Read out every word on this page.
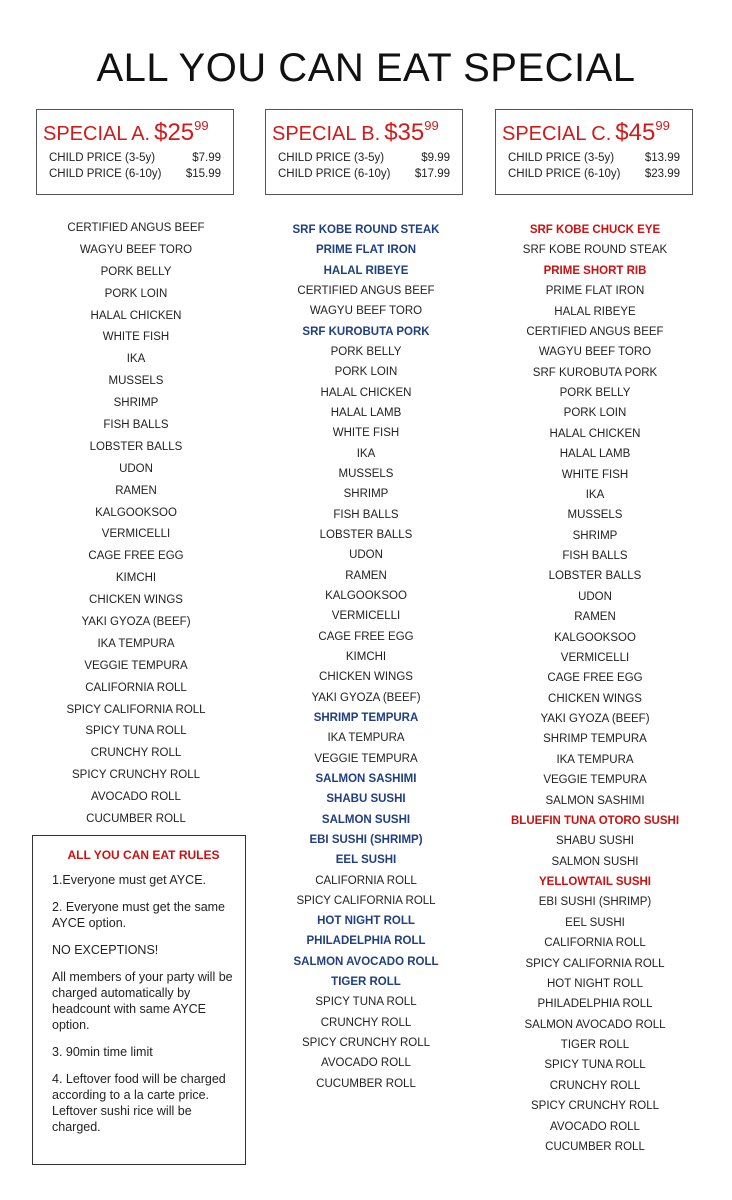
ALL YOU CAN EAT SPECIAL
SPECIAL A. $\$25^{99}$
CHILD PRICE (3-5y)	$7.99
CHILD PRICE (6-10y) $15.99
SPECIAL B. $\$35^{99}$
CHILD PRICE (3-5y)	$9.99
CHILD PRICE (6-10y) $17.99
SPECIAL C. $\$45^{99}$
CHILD PRICE (3-5y)	$13.99
CHILD PRICE (6-10y) $23.99
CERTIFIED ANGUS BEEF
WAGYU BEEF TORO
PORK BELLY
PORK LOIN
HALAL CHICKEN
WHITE FISH
IKA
MUSSELS
SHRIMP
FISH BALLS
LOBSTER BALLS
UDON
RAMEN
KALGOOKSOO
VERMICELLI
CAGE FREE EGG
KIMCHI
CHICKEN WINGS
YAKI GYOZA (BEEF)
IKA TEMPURA
VEGGIE TEMPURA
CALIFORNIA ROLL
SPICY CALIFORNIA ROLL
SPICY TUNA ROLL
CRUNCHY ROLL
SPICY CRUNCHY ROLL
AVOCADO ROLL
CUCUMBER ROLL
SRF KOBE ROUND STEAK
PRIME FLAT IRON
HALAL RIBEYE
CERTIFIED ANGUS BEEF
WAGYU BEEF TORO
SRF KUROBUTA PORK
PORK BELLY
PORK LOIN
HALAL CHICKEN
HALAL LAMB
WHITE FISH
IKA
MUSSELS
SHRIMP
FISH BALLS
LOBSTER BALLS
UDON
RAMEN
KALGOOKSOO
VERMICELLI
CAGE FREE EGG
KIMCHI
CHICKEN WINGS
YAKI GYOZA (BEEF)
SHRIMP TEMPURA
IKA TEMPURA
VEGGIE TEMPURA
SALMON SASHIMI
SHABU SUSHI
SALMON SUSHI
EBI SUSHI (SHRIMP)
EEL SUSHI
CALIFORNIA ROLL
SPICY CALIFORNIA ROLL
HOT NIGHT ROLL
PHILADELPHIA ROLL
SALMON AVOCADO ROLL
TIGER ROLL
SPICY TUNA ROLL
CRUNCHY ROLL
SPICY CRUNCHY ROLL
AVOCADO ROLL
CUCUMBER ROLL
SRF KOBE CHUCK EYE
SRF KOBE ROUND STEAK
PRIME SHORT RIB
PRIME FLAT IRON
HALAL RIBEYE
CERTIFIED ANGUS BEEF
WAGYU BEEF TORO
SRF KUROBUTA PORK
PORK BELLY
PORK LOIN
HALAL CHICKEN
HALAL LAMB
WHITE FISH
IKA
MUSSELS
SHRIMP
FISH BALLS
LOBSTER BALLS
UDON
RAMEN
KALGOOKSOO
VERMICELLI
CAGE FREE EGG
CHICKEN WINGS
YAKI GYOZA (BEEF)
SHRIMP TEMPURA
IKA TEMPURA
VEGGIE TEMPURA
SALMON SASHIMI
BLUEFIN TUNA OTORO SUSHI
SHABU SUSHI
SALMON SUSHI
YELLOWTAIL SUSHI
EBI SUSHI (SHRIMP)
EEL SUSHI
CALIFORNIA ROLL
SPICY CALIFORNIA ROLL
HOT NIGHT ROLL
PHILADELPHIA ROLL
SALMON AVOCADO ROLL
TIGER ROLL
SPICY TUNA ROLL
CRUNCHY ROLL
SPICY CRUNCHY ROLL
AVOCADO ROLL
CUCUMBER ROLL
ALL YOU CAN EAT RULES

1.Everyone must get AYCE.

2. Everyone must get the same AYCE option.

NO EXCEPTIONS!

All members of your party will be charged automatically by headcount with same AYCE option.

3. 90min time limit

4. Leftover food will be charged according to a la carte price. Leftover sushi rice will be charged.
